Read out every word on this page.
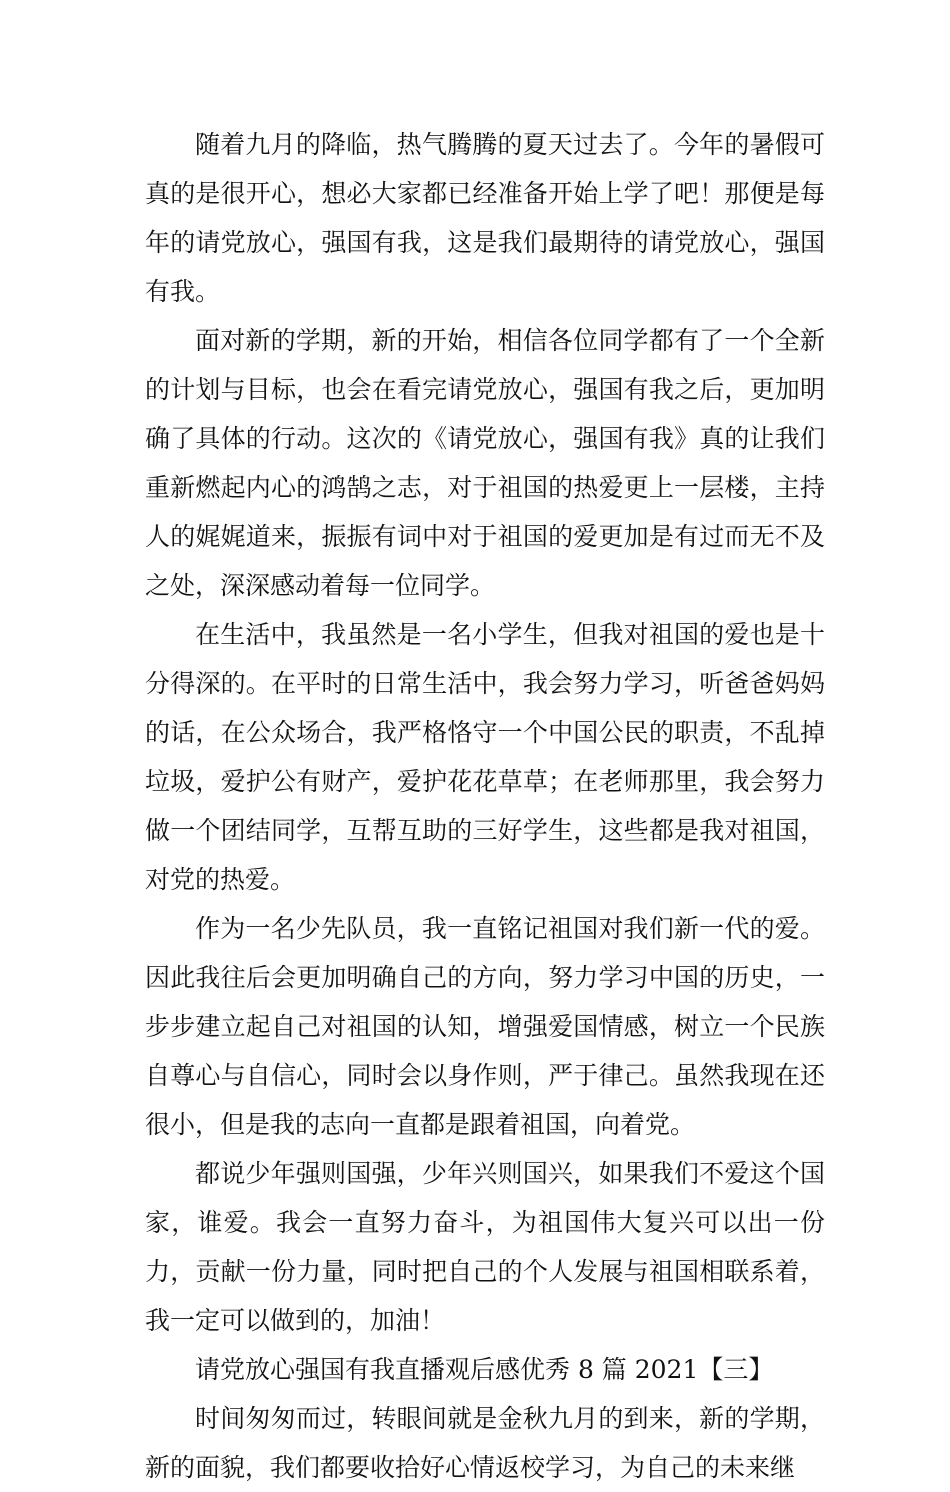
随着九月的降临，热气腾腾的夏天过去了。今年的暑假可真的是很开心，想必大家都已经准备开始上学了吧！那便是每年的请党放心，强国有我，这是我们最期待的请党放心，强国有我。

面对新的学期，新的开始，相信各位同学都有了一个全新的计划与目标，也会在看完请党放心，强国有我之后，更加明确了具体的行动。这次的《请党放心，强国有我》真的让我们重新燃起内心的鸿鹄之志，对于祖国的热爱更上一层楼，主持人的娓娓道来，振振有词中对于祖国的爱更加是有过而无不及之处，深深感动着每一位同学。

在生活中，我虽然是一名小学生，但我对祖国的爱也是十分得深的。在平时的日常生活中，我会努力学习，听爸爸妈妈的话，在公众场合，我严格恪守一个中国公民的职责，不乱掉垃圾，爱护公有财产，爱护花花草草；在老师那里，我会努力做一个团结同学，互帮互助的三好学生，这些都是我对祖国，对党的热爱。

作为一名少先队员，我一直铭记祖国对我们新一代的爱。因此我往后会更加明确自己的方向，努力学习中国的历史，一步步建立起自己对祖国的认知，增强爱国情感，树立一个民族自尊心与自信心，同时会以身作则，严于律己。虽然我现在还很小，但是我的志向一直都是跟着祖国，向着党。

都说少年强则国强，少年兴则国兴，如果我们不爱这个国家，谁爱。我会一直努力奋斗，为祖国伟大复兴可以出一份力，贡献一份力量，同时把自己的个人发展与祖国相联系着，我一定可以做到的，加油！

请党放心强国有我直播观后感优秀 8 篇 2021【三】

时间匆匆而过，转眼间就是金秋九月的到来，新的学期，新的面貌，我们都要收拾好心情返校学习，为自己的未来继
